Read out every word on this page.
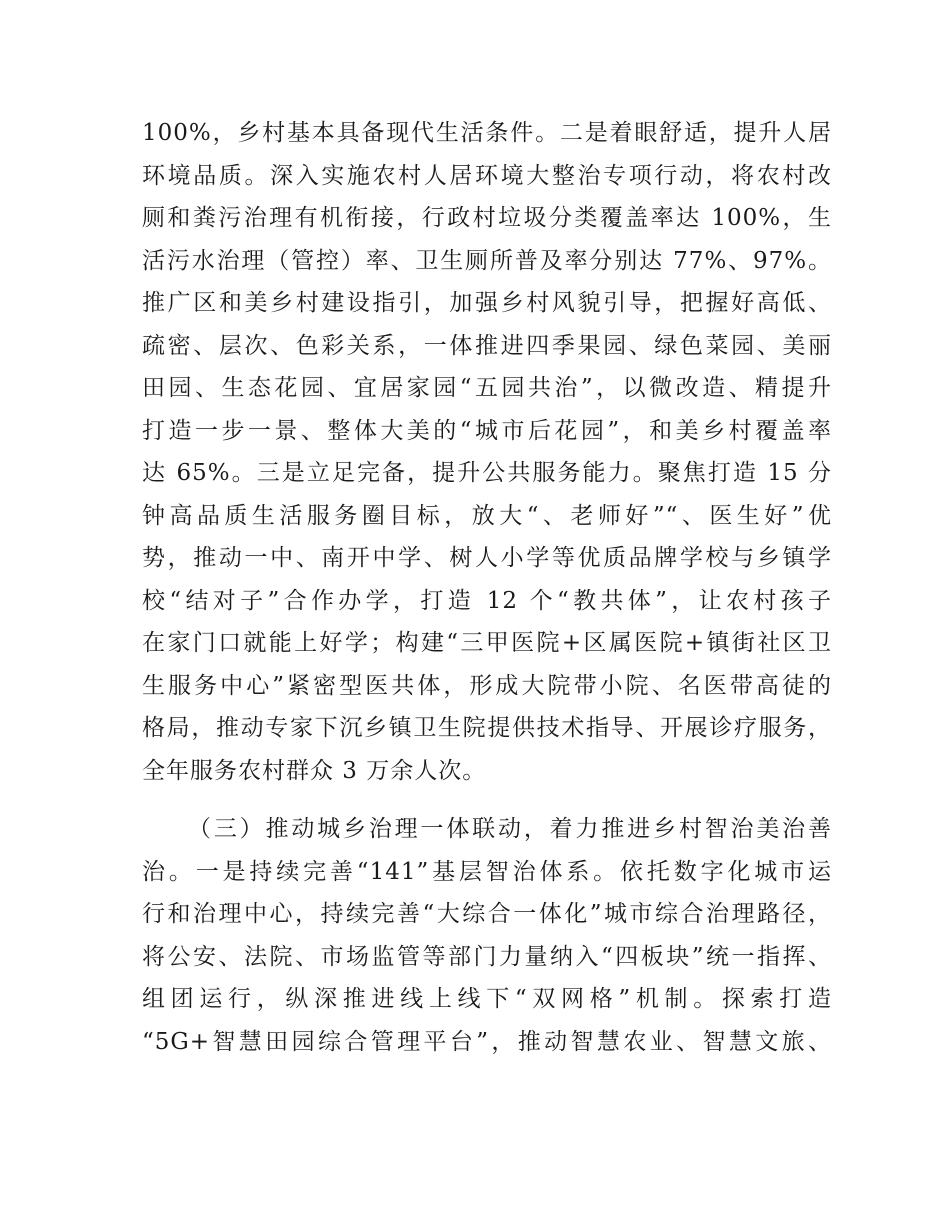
100%，乡村基本具备现代生活条件。二是着眼舒适，提升人居
环境品质。深入实施农村人居环境大整治专项行动，将农村改
厕和粪污治理有机衔接，行政村垃圾分类覆盖率达 100%，生
活污水治理（管控）率、卫生厕所普及率分别达 77%、97%。
推广区和美乡村建设指引，加强乡村风貌引导，把握好高低、
疏密、层次、色彩关系，一体推进四季果园、绿色菜园、美丽
田园、生态花园、宜居家园“五园共治”，以微改造、精提升
打造一步一景、整体大美的“城市后花园”，和美乡村覆盖率
达 65%。三是立足完备，提升公共服务能力。聚焦打造 15 分
钟高品质生活服务圈目标，放大“、老师好”“、医生好”优
势，推动一中、南开中学、树人小学等优质品牌学校与乡镇学
校“结对子”合作办学，打造 12 个“教共体”，让农村孩子
在家门口就能上好学；构建“三甲医院+区属医院+镇街社区卫
生服务中心”紧密型医共体，形成大院带小院、名医带高徒的
格局，推动专家下沉乡镇卫生院提供技术指导、开展诊疗服务，
全年服务农村群众 3 万余人次。
（三）推动城乡治理一体联动，着力推进乡村智治美治善
治。一是持续完善“141”基层智治体系。依托数字化城市运
行和治理中心，持续完善“大综合一体化”城市综合治理路径，
将公安、法院、市场监管等部门力量纳入“四板块”统一指挥、
组团运行，纵深推进线上线下“双网格”机制。探索打造
“5G+智慧田园综合管理平台”，推动智慧农业、智慧文旅、
